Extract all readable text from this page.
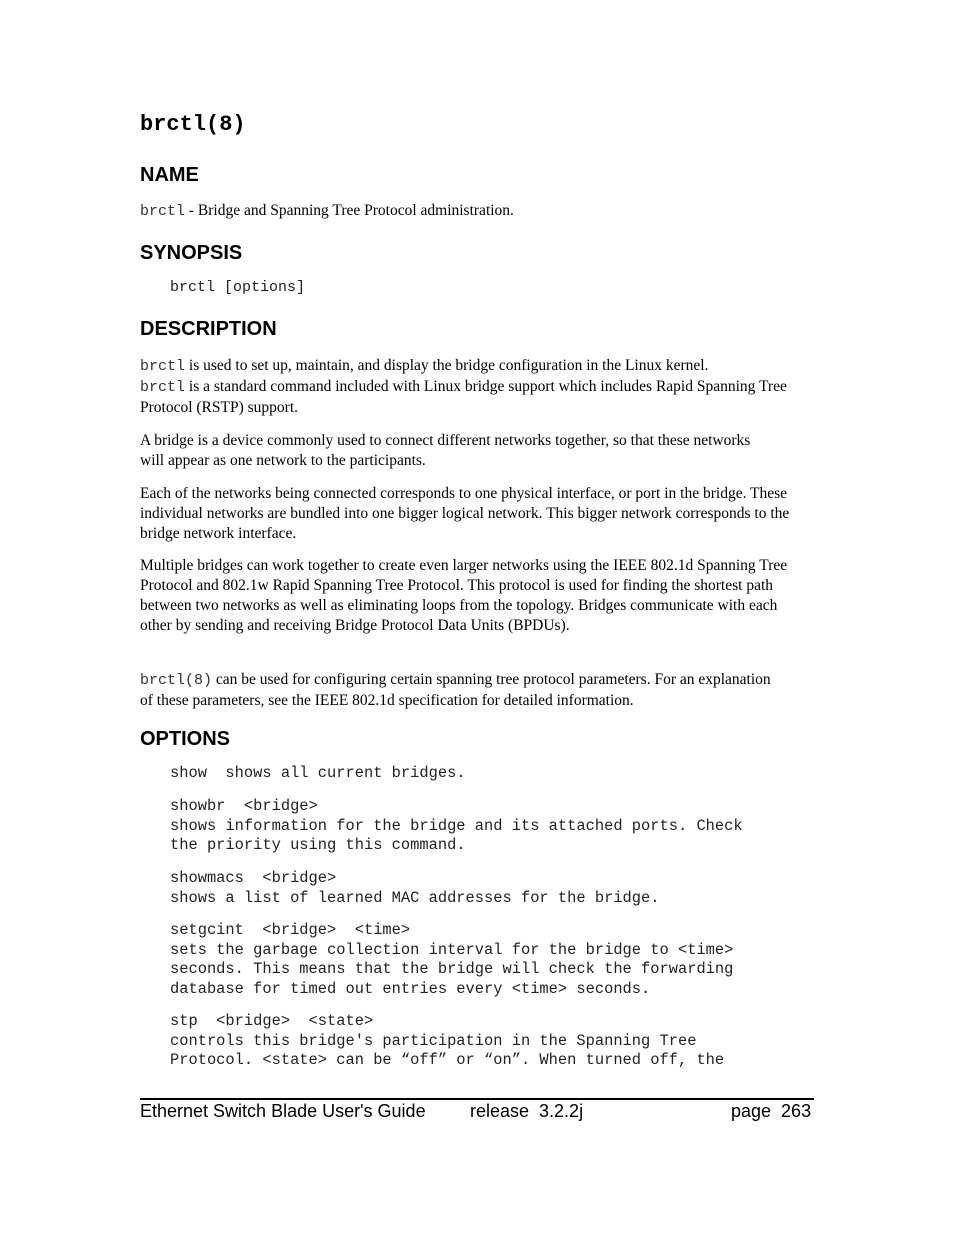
brctl(8)
NAME
brctl - Bridge and Spanning Tree Protocol administration.
SYNOPSIS
brctl [options]
DESCRIPTION
brctl is used to set up, maintain, and display the bridge configuration in the Linux kernel.
brctl is a standard command included with Linux bridge support which includes Rapid Spanning Tree Protocol (RSTP) support.
A bridge is a device commonly used to connect different networks together, so that these networks will appear as one network to the participants.
Each of the networks being connected corresponds to one physical interface, or port in the bridge. These individual networks are bundled into one bigger logical network. This bigger network corresponds to the bridge network interface.
Multiple bridges can work together to create even larger networks using the IEEE 802.1d Spanning Tree Protocol and 802.1w Rapid Spanning Tree Protocol. This protocol is used for finding the shortest path between two networks as well as eliminating loops from the topology. Bridges communicate with each other by sending and receiving Bridge Protocol Data Units (BPDUs).
brctl(8) can be used for configuring certain spanning tree protocol parameters. For an explanation of these parameters, see the IEEE 802.1d specification for detailed information.
OPTIONS
show  shows all current bridges.
showbr  <bridge>
shows information for the bridge and its attached ports. Check
the priority using this command.
showmacs  <bridge>
shows a list of learned MAC addresses for the bridge.
setgcint  <bridge>  <time>
sets the garbage collection interval for the bridge to <time>
seconds. This means that the bridge will check the forwarding
database for timed out entries every <time> seconds.
stp  <bridge>  <state>
controls this bridge's participation in the Spanning Tree
Protocol. <state> can be “off” or “on”. When turned off, the
Ethernet Switch Blade User's Guide release  3.2.2j	page  263
